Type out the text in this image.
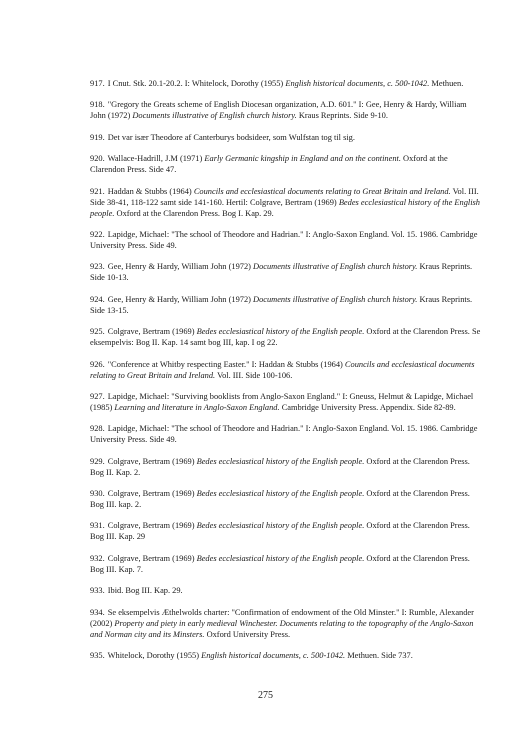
917. I Cnut. Stk. 20.1-20.2. I: Whitelock, Dorothy (1955) English historical documents, c. 500-1042. Methuen.

918. "Gregory the Greats scheme of English Diocesan organization, A.D. 601." I: Gee, Henry & Hardy, William John (1972) Documents illustrative of English church history. Kraus Reprints. Side 9-10.

919. Det var især Theodore af Canterburys bodsideer, som Wulfstan tog til sig.

920. Wallace-Hadrill, J.M (1971) Early Germanic kingship in England and on the continent. Oxford at the Clarendon Press. Side 47.

921. Haddan & Stubbs (1964) Councils and ecclesiastical documents relating to Great Britain and Ireland. Vol. III. Side 38-41, 118-122 samt side 141-160. Hertil: Colgrave, Bertram (1969) Bedes ecclesiastical history of the English people. Oxford at the Clarendon Press. Bog I. Kap. 29.

922. Lapidge, Michael: "The school of Theodore and Hadrian." I: Anglo-Saxon England. Vol. 15. 1986. Cambridge University Press. Side 49.

923. Gee, Henry & Hardy, William John (1972) Documents illustrative of English church history. Kraus Reprints. Side 10-13.

924. Gee, Henry & Hardy, William John (1972) Documents illustrative of English church history. Kraus Reprints. Side 13-15.

925. Colgrave, Bertram (1969) Bedes ecclesiastical history of the English people. Oxford at the Clarendon Press. Se eksempelvis: Bog II. Kap. 14 samt bog III, kap. I og 22.

926. "Conference at Whitby respecting Easter." I: Haddan & Stubbs (1964) Councils and ecclesiastical documents relating to Great Britain and Ireland. Vol. III. Side 100-106.

927. Lapidge, Michael: "Surviving booklists from Anglo-Saxon England." I: Gneuss, Helmut & Lapidge, Michael (1985) Learning and literature in Anglo-Saxon England. Cambridge University Press. Appendix. Side 82-89.

928. Lapidge, Michael: "The school of Theodore and Hadrian." I: Anglo-Saxon England. Vol. 15. 1986. Cambridge University Press. Side 49.

929. Colgrave, Bertram (1969) Bedes ecclesiastical history of the English people. Oxford at the Clarendon Press. Bog II. Kap. 2.

930. Colgrave, Bertram (1969) Bedes ecclesiastical history of the English people. Oxford at the Clarendon Press. Bog III. kap. 2.

931. Colgrave, Bertram (1969) Bedes ecclesiastical history of the English people. Oxford at the Clarendon Press. Bog III. Kap. 29

932. Colgrave, Bertram (1969) Bedes ecclesiastical history of the English people. Oxford at the Clarendon Press. Bog III. Kap. 7.

933. Ibid. Bog III. Kap. 29.

934. Se eksempelvis Æthelwolds charter: "Confirmation of endowment of the Old Minster." I: Rumble, Alexander (2002) Property and piety in early medieval Winchester. Documents relating to the topography of the Anglo-Saxon and Norman city and its Minsters. Oxford University Press.

935. Whitelock, Dorothy (1955) English historical documents, c. 500-1042. Methuen. Side 737.

275
